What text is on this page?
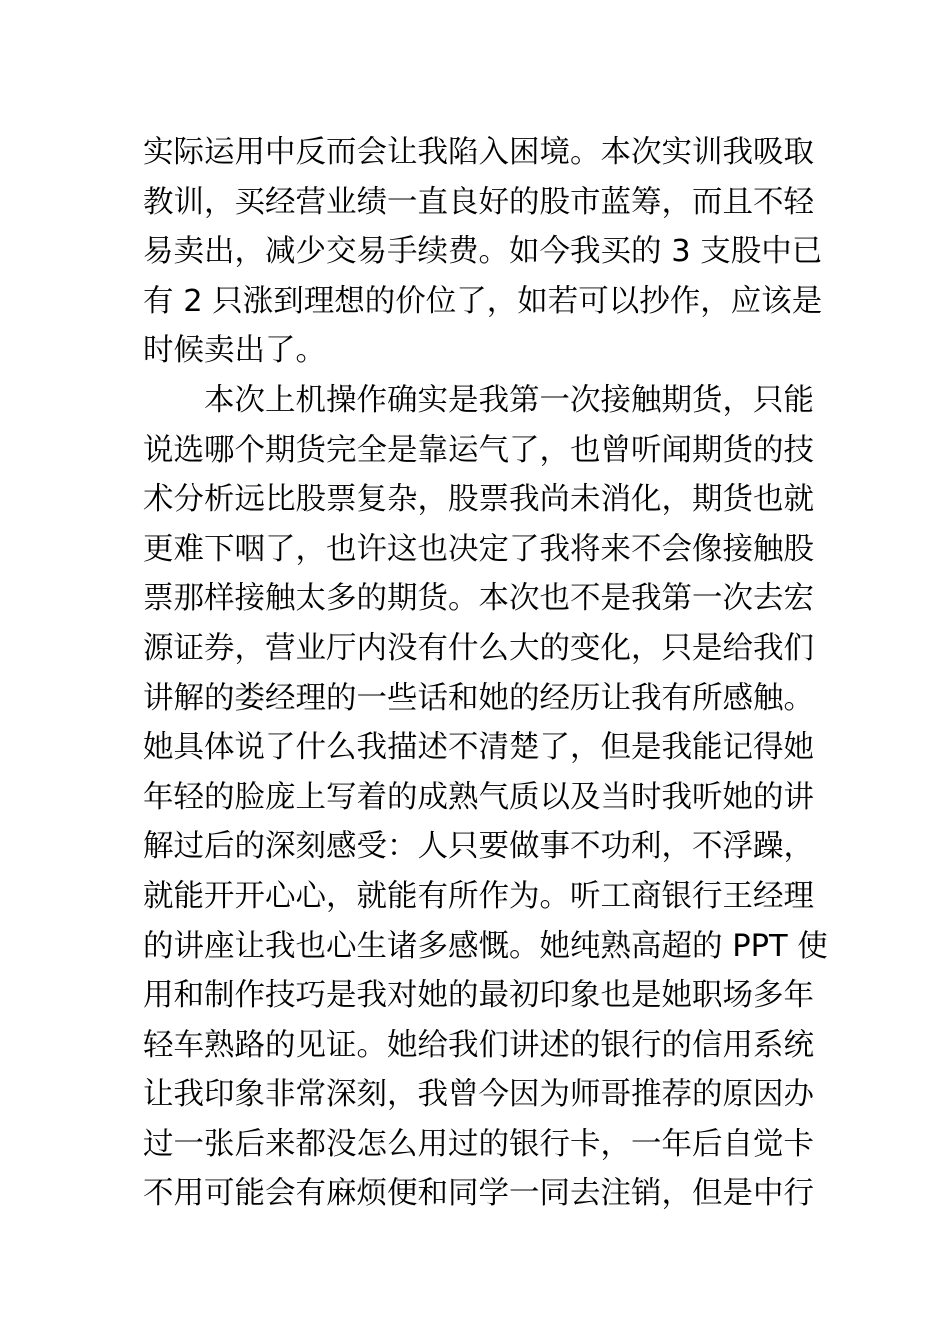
实际运用中反而会让我陷入困境。本次实训我吸取
教训，买经营业绩一直良好的股市蓝筹，而且不轻
易卖出，减少交易手续费。如今我买的 3 支股中已
有 2 只涨到理想的价位了，如若可以抄作，应该是
时候卖出了。
　　本次上机操作确实是我第一次接触期货，只能
说选哪个期货完全是靠运气了，也曾听闻期货的技
术分析远比股票复杂，股票我尚未消化，期货也就
更难下咽了，也许这也决定了我将来不会像接触股
票那样接触太多的期货。本次也不是我第一次去宏
源证券，营业厅内没有什么大的变化，只是给我们
讲解的娄经理的一些话和她的经历让我有所感触。
她具体说了什么我描述不清楚了，但是我能记得她
年轻的脸庞上写着的成熟气质以及当时我听她的讲
解过后的深刻感受：人只要做事不功利，不浮躁，
就能开开心心，就能有所作为。听工商银行王经理
的讲座让我也心生诸多感慨。她纯熟高超的 PPT 使
用和制作技巧是我对她的最初印象也是她职场多年
轻车熟路的见证。她给我们讲述的银行的信用系统
让我印象非常深刻，我曾今因为师哥推荐的原因办
过一张后来都没怎么用过的银行卡，一年后自觉卡
不用可能会有麻烦便和同学一同去注销，但是中行
